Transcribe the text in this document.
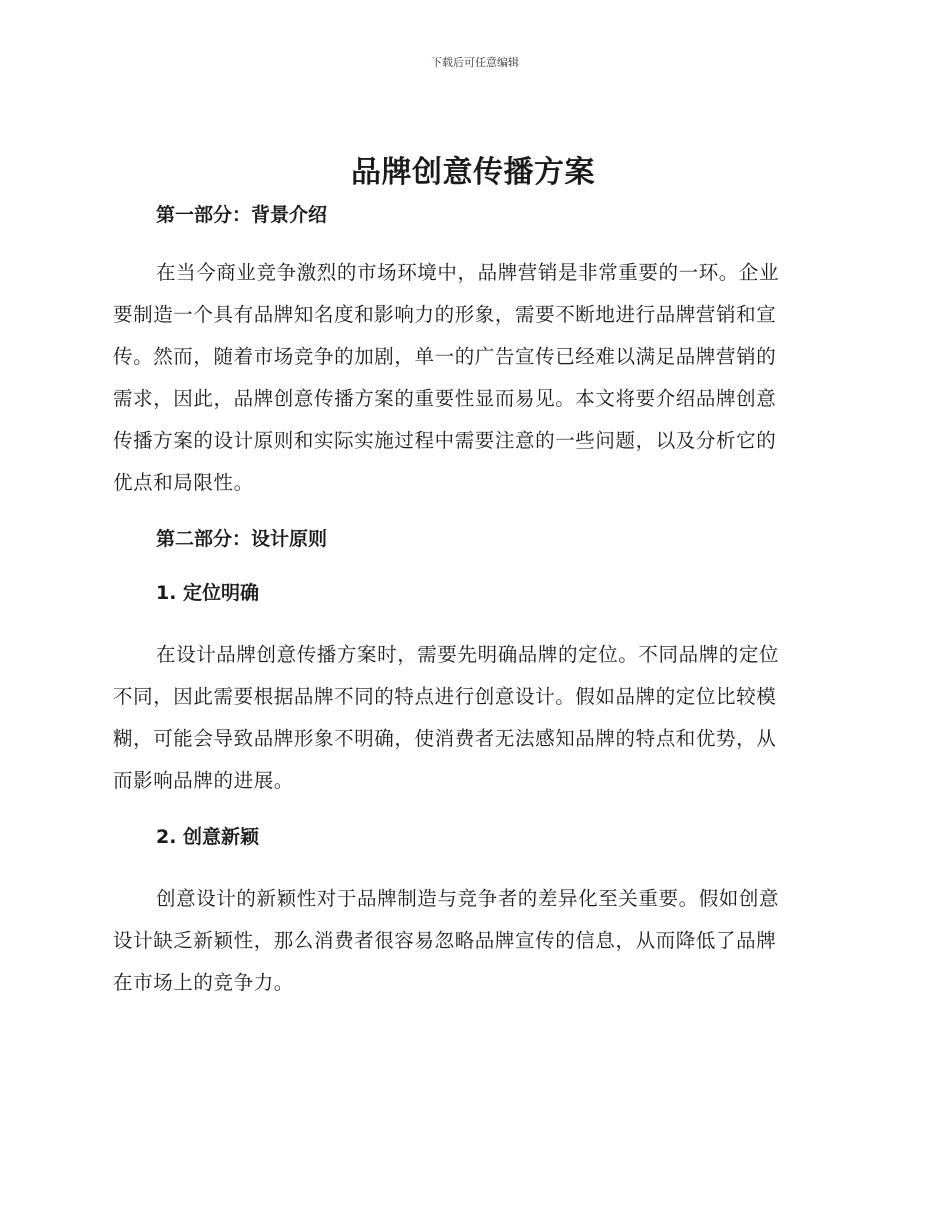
下载后可任意编辑
品牌创意传播方案
第一部分：背景介绍

在当今商业竞争激烈的市场环境中，品牌营销是非常重要的一环。企业
要制造一个具有品牌知名度和影响力的形象，需要不断地进行品牌营销和宣
传。然而，随着市场竞争的加剧，单一的广告宣传已经难以满足品牌营销的
需求，因此，品牌创意传播方案的重要性显而易见。本文将要介绍品牌创意
传播方案的设计原则和实际实施过程中需要注意的一些问题，以及分析它的
优点和局限性。

第二部分：设计原则
1. 定位明确

在设计品牌创意传播方案时，需要先明确品牌的定位。不同品牌的定位
不同，因此需要根据品牌不同的特点进行创意设计。假如品牌的定位比较模
糊，可能会导致品牌形象不明确，使消费者无法感知品牌的特点和优势，从
而影响品牌的进展。

2. 创意新颖

创意设计的新颖性对于品牌制造与竞争者的差异化至关重要。假如创意
设计缺乏新颖性，那么消费者很容易忽略品牌宣传的信息，从而降低了品牌
在市场上的竞争力。
